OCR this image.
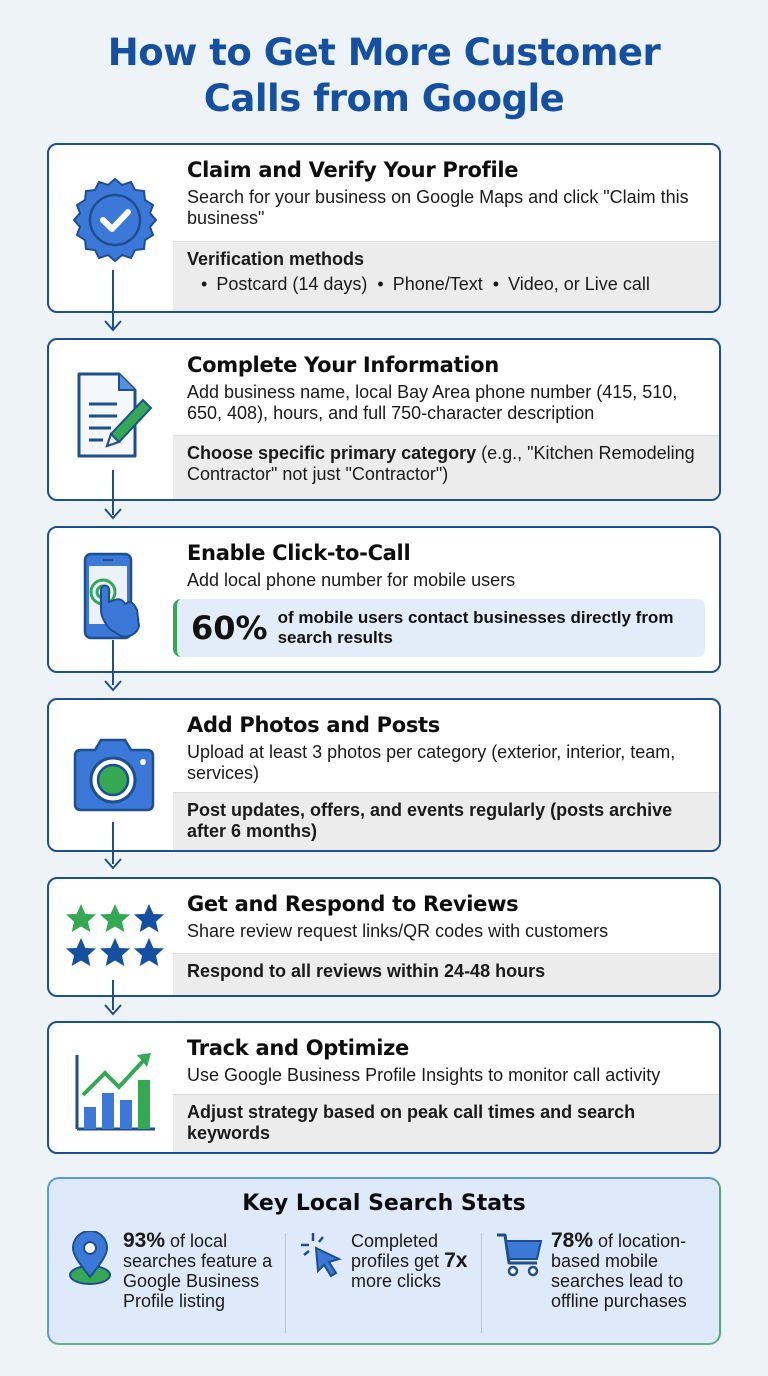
How to Get More Customer
Calls from Google
Claim and Verify Your Profile
Search for your business on Google Maps and click "Claim this business"
Verification methods
• Postcard (14 days)	• Phone/Text	• Video, or Live call
Complete Your Information
Add business name, local Bay Area phone number (415, 510, 650, 408), hours, and full 750-character description
Choose specific primary category (e.g., "Kitchen Remodeling Contractor" not just "Contractor")
Enable Click-to-Call
Add local phone number for mobile users
60% of mobile users contact businesses directly from search results
Add Photos and Posts
Upload at least 3 photos per category (exterior, interior, team, services)
Post updates, offers, and events regularly (posts archive after 6 months)
Get and Respond to Reviews
Share review request links/QR codes with customers
Respond to all reviews within 24-48 hours
Track and Optimize
Use Google Business Profile Insights to monitor call activity
Adjust strategy based on peak call times and search keywords
Key Local Search Stats
93% of local searches feature a Google Business Profile listing
Completed profiles get 7x more clicks
78% of location-based mobile searches lead to offline purchases
